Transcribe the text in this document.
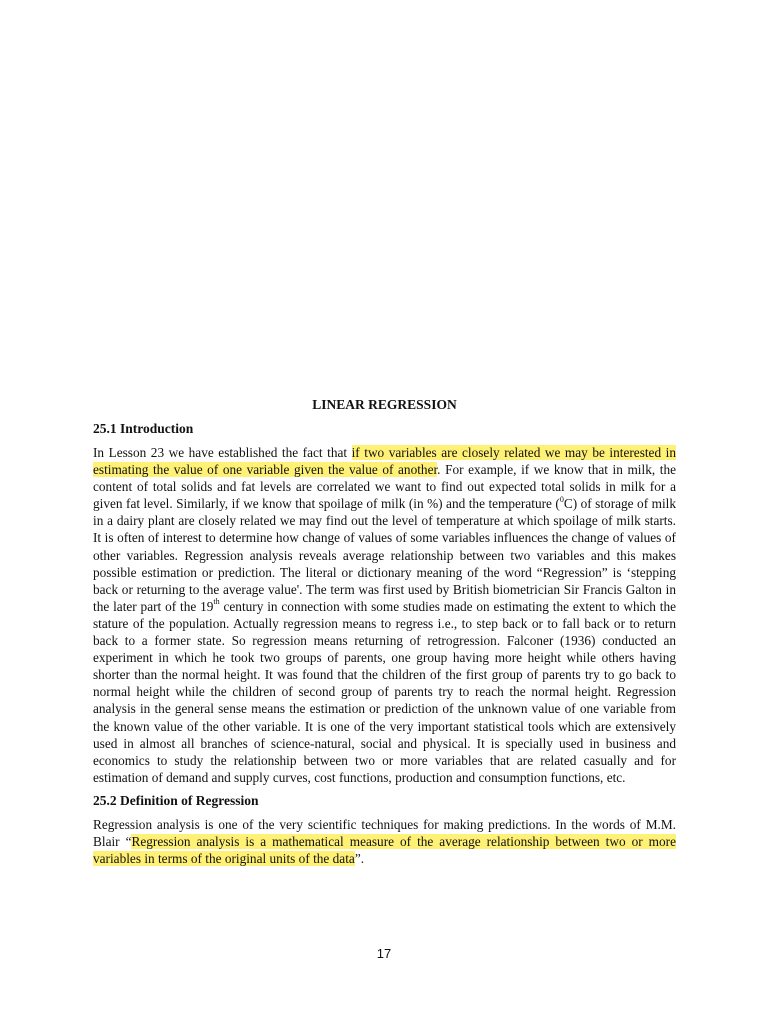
LINEAR REGRESSION
25.1 Introduction

In Lesson 23 we have established the fact that if two variables are closely related we may be interested in estimating the value of one variable given the value of another. For example, if we know that in milk, the content of total solids and fat levels are correlated we want to find out expected total solids in milk for a given fat level. Similarly, if we know that spoilage of milk (in %) and the temperature ($^0$C) of storage of milk in a dairy plant are closely related we may find out the level of temperature at which spoilage of milk starts. It is often of interest to determine how change of values of some variables influences the change of values of other variables. Regression analysis reveals average relationship between two variables and this makes possible estimation or prediction. The literal or dictionary meaning of the word “Regression” is ‘stepping back or returning to the average value'. The term was first used by British biometrician Sir Francis Galton in the later part of the 19th century in connection with some studies made on estimating the extent to which the stature of the population. Actually regression means to regress i.e., to step back or to fall back or to return back to a former state. So regression means returning of retrogression. Falconer (1936) conducted an experiment in which he took two groups of parents, one group having more height while others having shorter than the normal height. It was found that the children of the first group of parents try to go back to normal height while the children of second group of parents try to reach the normal height. Regression analysis in the general sense means the estimation or prediction of the unknown value of one variable from the known value of the other variable. It is one of the very important statistical tools which are extensively used in almost all branches of science-natural, social and physical. It is specially used in business and economics to study the relationship between two or more variables that are related casually and for estimation of demand and supply curves, cost functions, production and consumption functions, etc.

25.2 Definition of Regression

Regression analysis is one of the very scientific techniques for making predictions. In the words of M.M. Blair “Regression analysis is a mathematical measure of the average relationship between two or more variables in terms of the original units of the data”.

17
